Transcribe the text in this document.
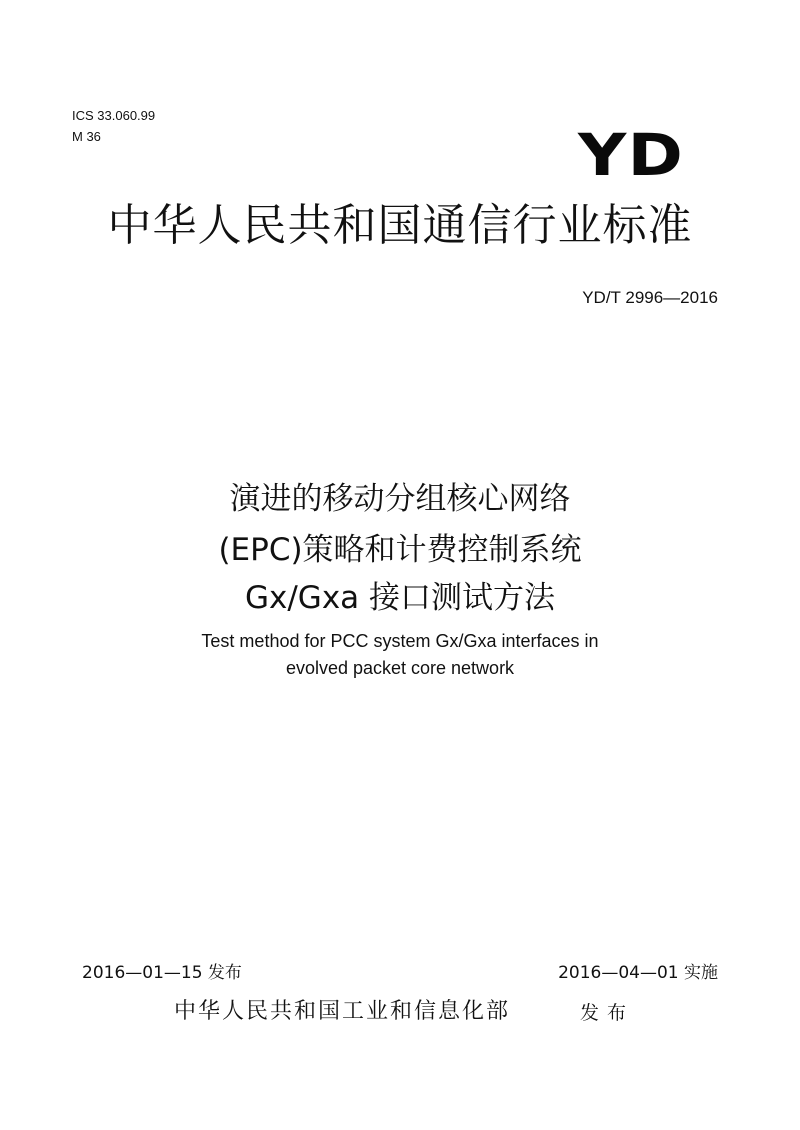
ICS 33.060.99
M 36	YD
中华人民共和国通信行业标准
YD/T 2996—2016
演进的移动分组核心网络
(EPC)策略和计费控制系统
Gx/Gxa 接口测试方法
Test method for PCC system Gx/Gxa interfaces in
evolved packet core network
2016—01—15 发布	2016—04—01 实施
中华人民共和国工业和信息化部	发布
